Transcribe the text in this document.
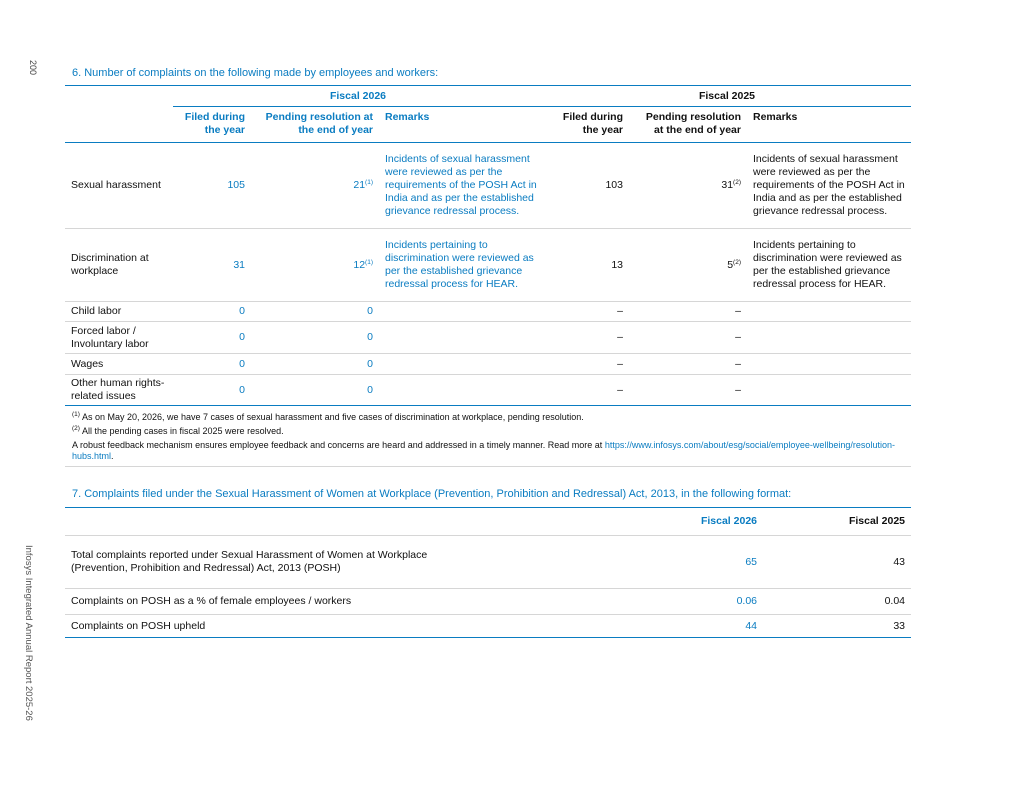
200
Infosys Integrated Annual Report 2025-26
6. Number of complaints on the following made by employees and workers:
	Fiscal 2026			Fiscal 2025		
	Filed during the year	Pending resolution at the end of year	Remarks	Filed during the year	Pending resolution at the end of year	Remarks
Sexual harassment	105	21$^{(1)}$	Incidents of sexual harassment were reviewed as per the requirements of the POSH Act in India and as per the established grievance redressal process.	103	31$^{(2)}$	Incidents of sexual harassment were reviewed as per the requirements of the POSH Act in India and as per the established grievance redressal process.
Discrimination at workplace	31	12$^{(1)}$	Incidents pertaining to discrimination were reviewed as per the established grievance redressal process for HEAR.	13	5$^{(2)}$	Incidents pertaining to discrimination were reviewed as per the established grievance redressal process for HEAR.
Child labor	0	0		–	–	
Forced labor / Involuntary labor	0	0		–	–	
Wages	0	0		–	–	
Other human rights-related issues	0	0		–	–	
$^{(1)}$ As on May 20, 2026, we have 7 cases of sexual harassment and five cases of discrimination at workplace, pending resolution.
$^{(2)}$ All the pending cases in fiscal 2025 were resolved.
A robust feedback mechanism ensures employee feedback and concerns are heard and addressed in a timely manner. Read more at https://www.infosys.com/about/esg/social/employee-wellbeing/resolution-hubs.html.
7. Complaints filed under the Sexual Harassment of Women at Workplace (Prevention, Prohibition and Redressal) Act, 2013, in the following format:
	Fiscal 2026	Fiscal 2025
Total complaints reported under Sexual Harassment of Women at Workplace (Prevention, Prohibition and Redressal) Act, 2013 (POSH)	65	43
Complaints on POSH as a % of female employees / workers	0.06	0.04
Complaints on POSH upheld	44	33
